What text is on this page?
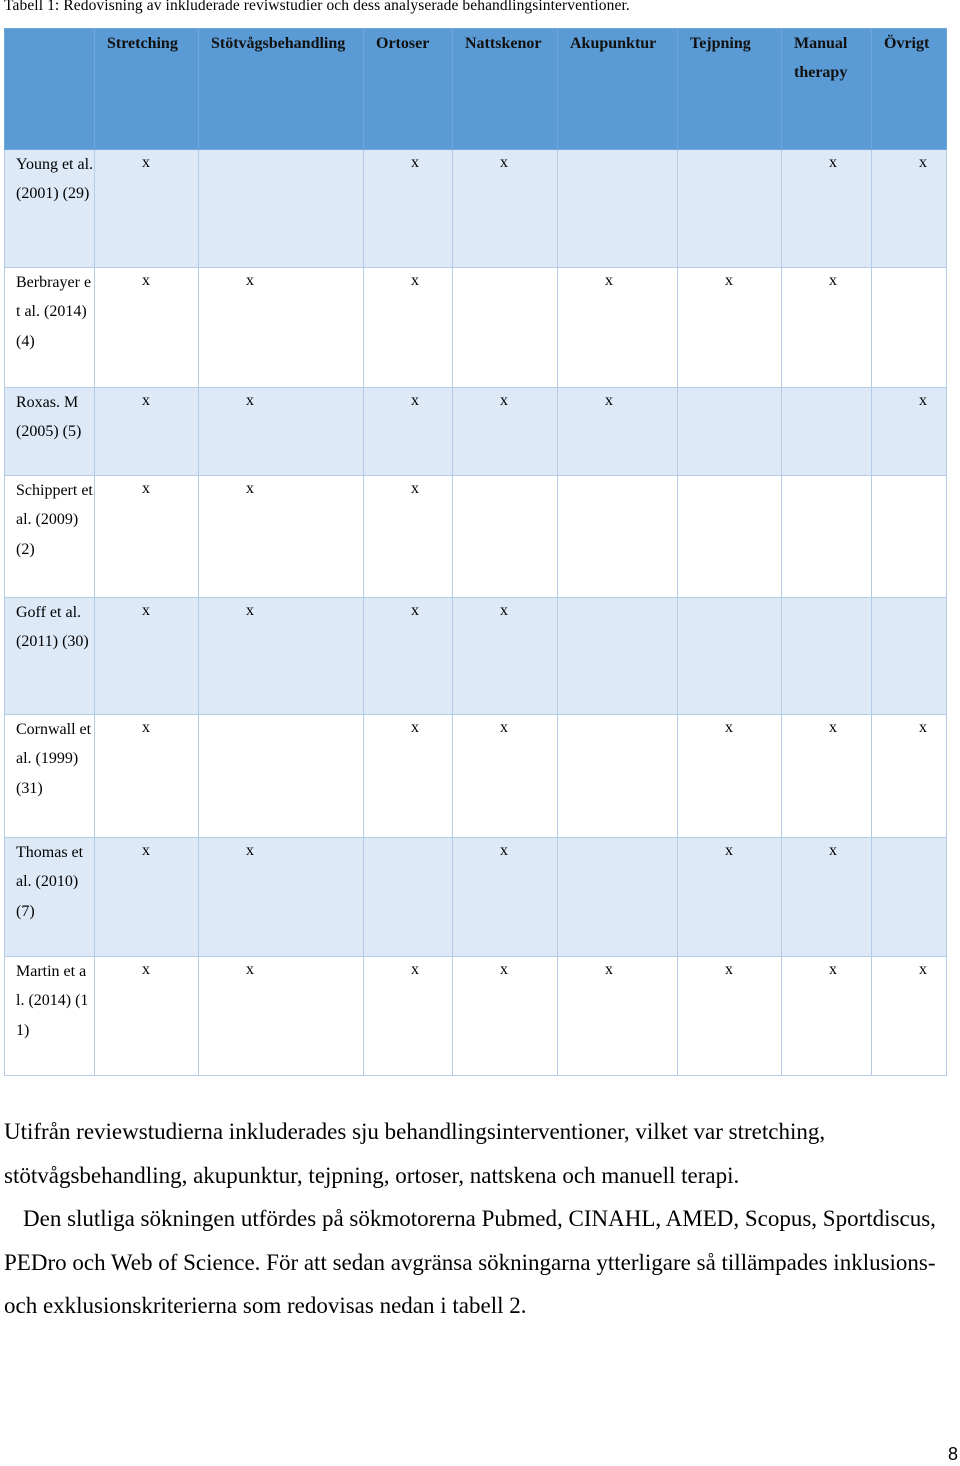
Tabell 1: Redovisning av inkluderade reviwstudier och dess analyserade behandlingsinterventioner.
	Stretching	Stötvågsbehandling	Ortoser	Nattskenor	Akupunktur	Tejpning	Manual therapy	Övrigt
Young et al. (2001) (29)	x		x	x			x	x
Berbrayer et al. (2014) (4)	x	x	x		x	x	x	
Roxas. M (2005) (5)	x	x	x	x	x			x
Schippert et al. (2009) (2)	x	x	x					
Goff et al. (2011) (30)	x	x	x	x				
Cornwall et al. (1999) (31)	x		x	x		x	x	x
Thomas et al. (2010) (7)	x	x		x		x	x	
Martin et al. (2014) (11)	x	x	x	x	x	x	x	x

Utifrån reviewstudierna inkluderades sju behandlingsinterventioner, vilket var stretching, stötvågsbehandling, akupunktur, tejpning, ortoser, nattskena och manuell terapi.

Den slutliga sökningen utfördes på sökmotorerna Pubmed, CINAHL, AMED, Scopus, Sportdiscus, PEDro och Web of Science. För att sedan avgränsa sökningarna ytterligare så tillämpades inklusions- och exklusionskriterierna som redovisas nedan i tabell 2.

8
